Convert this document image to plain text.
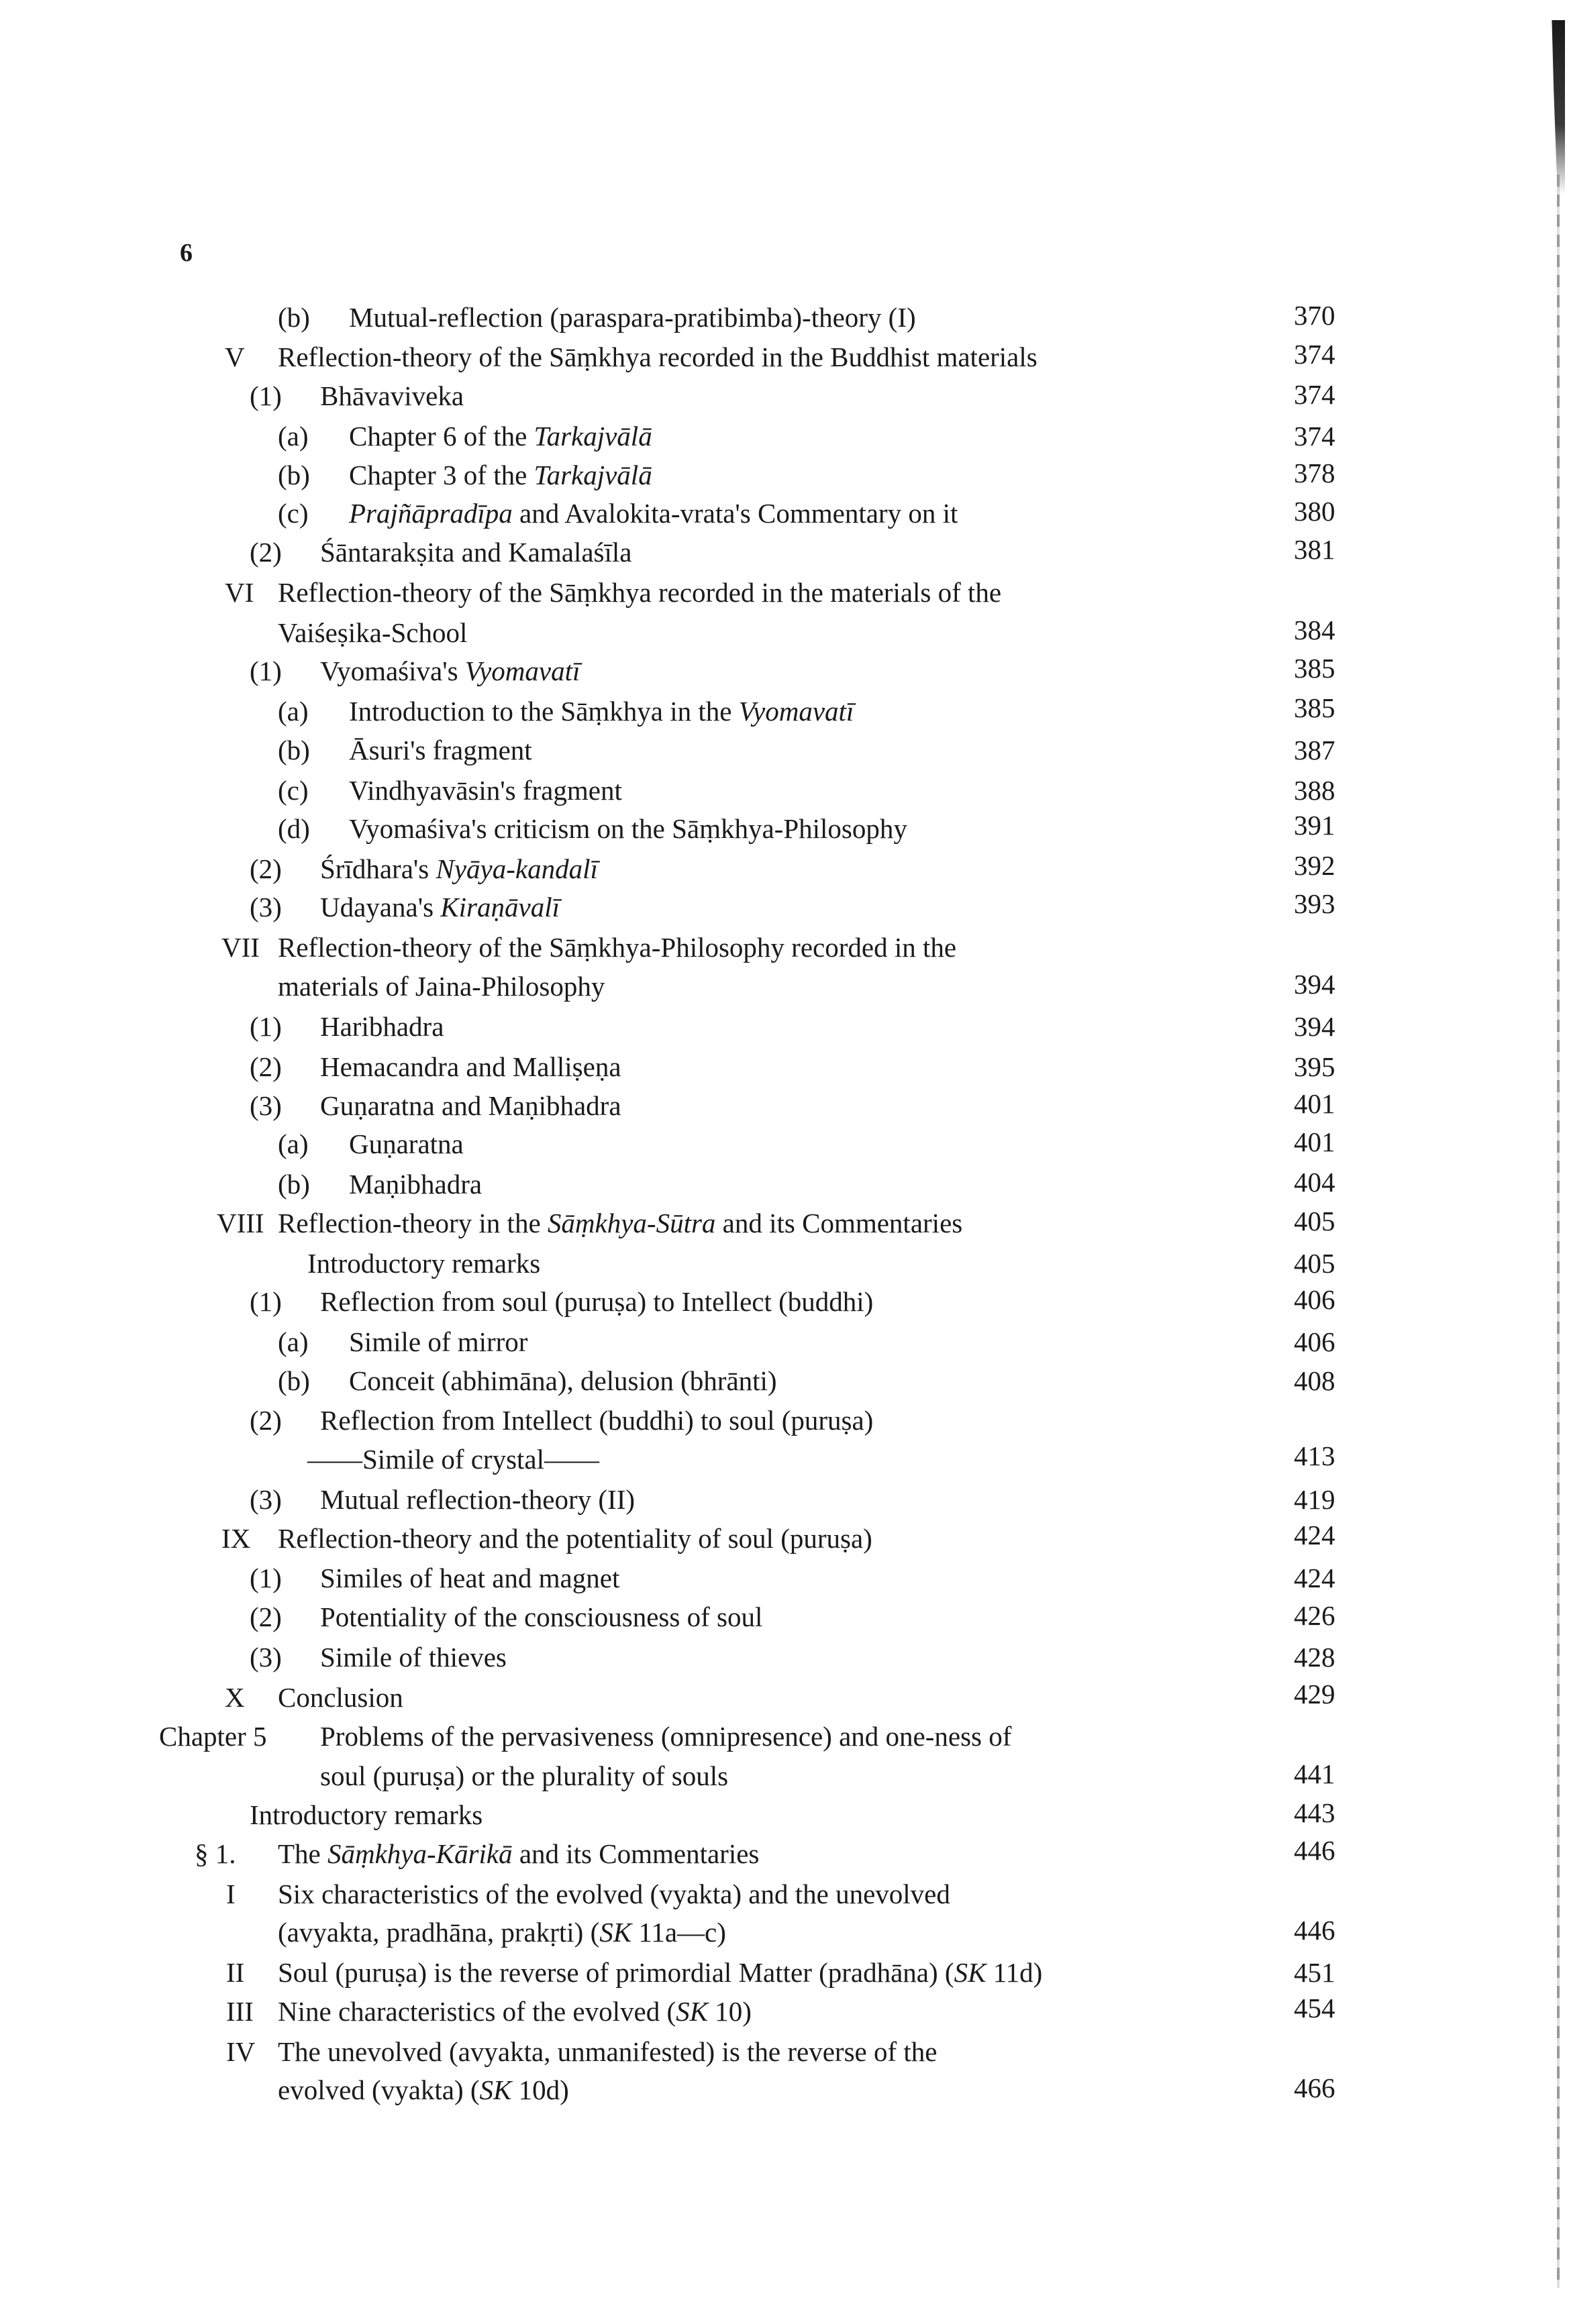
6
(b) Mutual-reflection (paraspara-pratibimba)-theory (I)	370
V Reflection-theory of the Sāṃkhya recorded in the Buddhist materials	374
(1) Bhāvaviveka	374
(a) Chapter 6 of the Tarkajvālā	374
(b) Chapter 3 of the Tarkajvālā	378
(c) Prajñāpradīpa and Avalokita-vrata's Commentary on it	380
(2) Śāntarakṣita and Kamalaśīla	381
VI Reflection-theory of the Sāṃkhya recorded in the materials of the
Vaiśeṣika-School	384
(1) Vyomaśiva's Vyomavatī	385
(a) Introduction to the Sāṃkhya in the Vyomavatī	385
(b) Āsuri's fragment	387
(c) Vindhyavāsin's fragment	388
(d) Vyomaśiva's criticism on the Sāṃkhya-Philosophy	391
(2) Śrīdhara's Nyāya-kandalī	392
(3) Udayana's Kiraṇāvalī	393
VII Reflection-theory of the Sāṃkhya-Philosophy recorded in the
materials of Jaina-Philosophy	394
(1) Haribhadra	394
(2) Hemacandra and Malliṣeṇa	395
(3) Guṇaratna and Maṇibhadra	401
(a) Guṇaratna	401
(b) Maṇibhadra	404
VIII Reflection-theory in the Sāṃkhya-Sūtra and its Commentaries	405
Introductory remarks	405
(1) Reflection from soul (puruṣa) to Intellect (buddhi)	406
(a) Simile of mirror	406
(b) Conceit (abhimāna), delusion (bhrānti)	408
(2) Reflection from Intellect (buddhi) to soul (puruṣa)
——Simile of crystal——	413
(3) Mutual reflection-theory (II)	419
IX Reflection-theory and the potentiality of soul (puruṣa)	424
(1) Similes of heat and magnet	424
(2) Potentiality of the consciousness of soul	426
(3) Simile of thieves	428
X Conclusion	429
Chapter 5 Problems of the pervasiveness (omnipresence) and one-ness of
soul (puruṣa) or the plurality of souls	441
Introductory remarks	443
§ 1. The Sāṃkhya-Kārikā and its Commentaries	446
I	Six characteristics of the evolved (vyakta) and the unevolved
(avyakta, pradhāna, prakṛti) (SK 11a—c)	446
II	Soul (puruṣa) is the reverse of primordial Matter (pradhāna) (SK 11d)	451
III Nine characteristics of the evolved (SK 10)	454
IV The unevolved (avyakta, unmanifested) is the reverse of the
evolved (vyakta) (SK 10d)	466
